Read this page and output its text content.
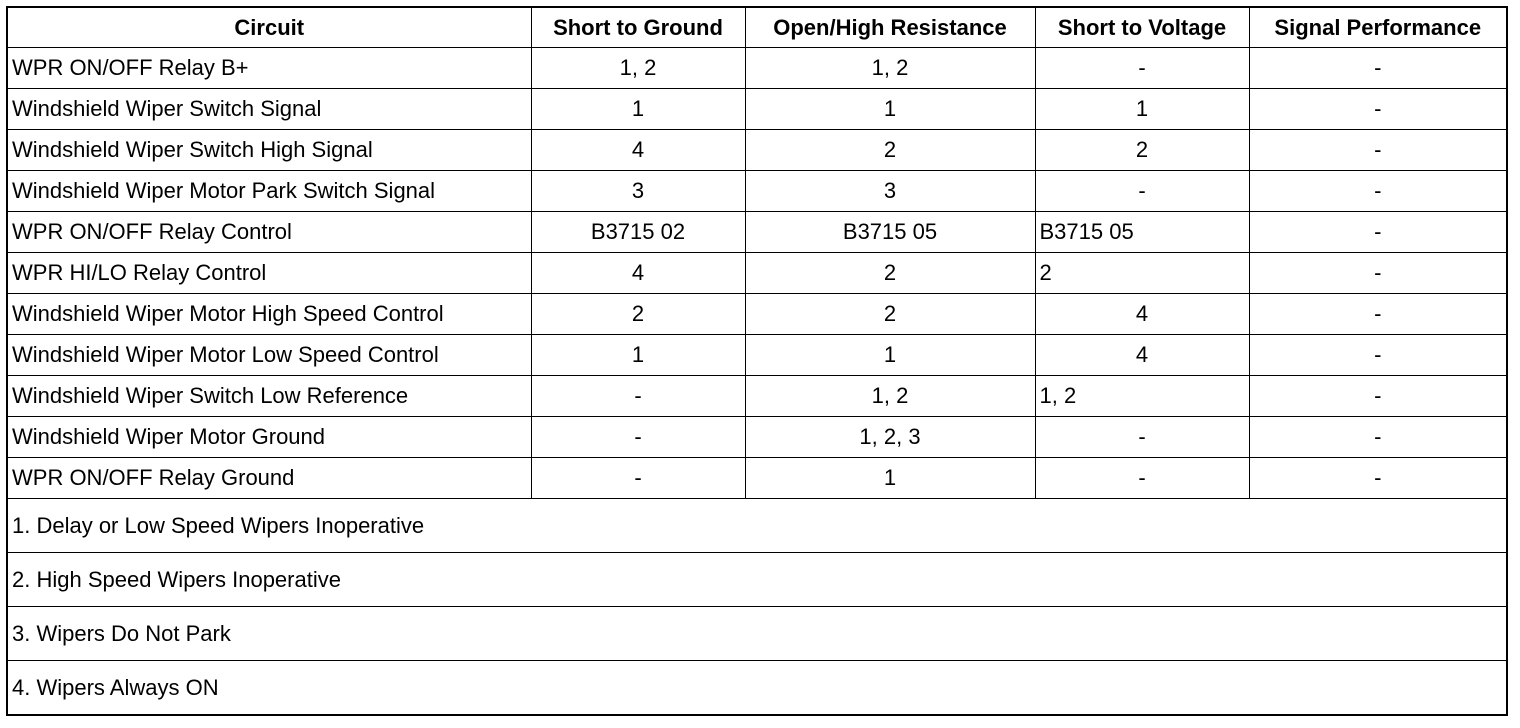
Circuit	Short to Ground	Open/High Resistance	Short to Voltage	Signal Performance
WPR ON/OFF Relay B+	1, 2	1, 2	-	-
Windshield Wiper Switch Signal	1	1	1	-
Windshield Wiper Switch High Signal	4	2	2	-
Windshield Wiper Motor Park Switch Signal	3	3	-	-
WPR ON/OFF Relay Control	B3715 02	B3715 05	B3715 05	-
WPR HI/LO Relay Control	4	2	2	-
Windshield Wiper Motor High Speed Control	2	2	4	-
Windshield Wiper Motor Low Speed Control	1	1	4	-
Windshield Wiper Switch Low Reference	-	1, 2	1, 2	-
Windshield Wiper Motor Ground	-	1, 2, 3	-	-
WPR ON/OFF Relay Ground	-	1	-	-
1. Delay or Low Speed Wipers Inoperative				
2. High Speed Wipers Inoperative				
3. Wipers Do Not Park				
4. Wipers Always ON				
